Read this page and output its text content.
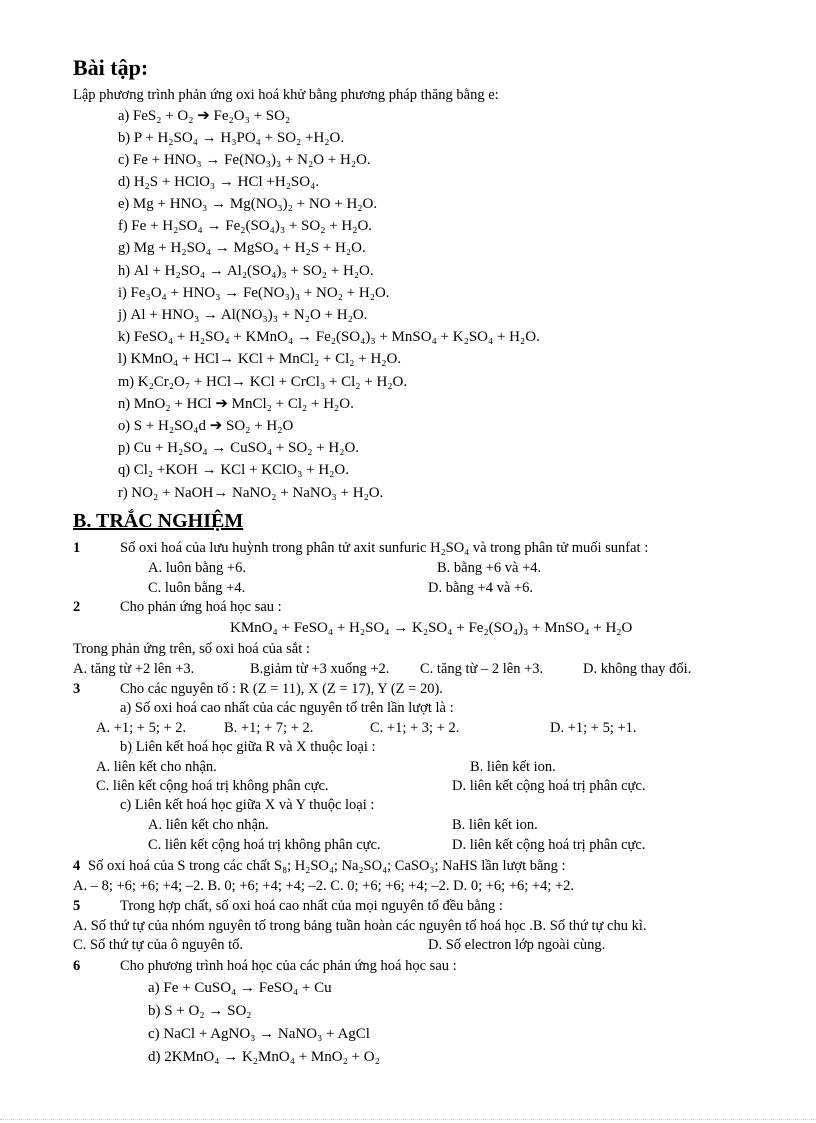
Bài tập:
Lập phương trình phản ứng oxi hoá khử bằng phương pháp thăng bằng e:
a) FeS₂ + O₂ ➔ Fe₂O₃ + SO₂
b) P + H₂SO₄ → H₃PO₄ + SO₂ +H₂O.
c) Fe + HNO₃ → Fe(NO₃)₃ + N₂O + H₂O.
d) H₂S + HClO₃ → HCl +H₂SO₄.
e) Mg + HNO₃ → Mg(NO₃)₂ + NO + H₂O.
f) Fe + H₂SO₄ → Fe₂(SO₄)₃ + SO₂ + H₂O.
g) Mg + H₂SO₄ → MgSO₄ + H₂S + H₂O.
h) Al + H₂SO₄ → Al₂(SO₄)₃ + SO₂ + H₂O.
i) Fe₃O₄ + HNO₃ → Fe(NO₃)₃ + NO₂ + H₂O.
j) Al + HNO₃ → Al(NO₃)₃ + N₂O + H₂O.
k) FeSO₄ + H₂SO₄ + KMnO₄ → Fe₂(SO₄)₃ + MnSO₄ + K₂SO₄ + H₂O.
l) KMnO₄ + HCl→ KCl + MnCl₂ + Cl₂ + H₂O.
m) K₂Cr₂O₇ + HCl→ KCl + CrCl₃ + Cl₂ + H₂O.
n) MnO₂ + HCl ➔ MnCl₂ + Cl₂ + H₂O.
o) S + H₂SO₄d ➔ SO₂ + H₂O
p) Cu + H₂SO₄ → CuSO₄ + SO₂ + H₂O.
q) Cl₂ +KOH → KCl + KClO₃ + H₂O.
r) NO₂ + NaOH→ NaNO₂ + NaNO₃ + H₂O.
B. TRẮC NGHIỆM
1	Số oxi hoá của lưu huỳnh trong phân tử axit sunfuric H₂SO₄ và trong phân tử muối sunfat :
A. luôn bằng +6.	B. bằng +6 và +4.
C. luôn bằng +4.	D. bằng +4 và +6.
2	Cho phản ứng hoá học sau :
KMnO₄ + FeSO₄ + H₂SO₄ → K₂SO₄ + Fe₂(SO₄)₃ + MnSO₄ + H₂O
Trong phản ứng trên, số oxi hoá của sắt :
A. tăng từ +2 lên +3.	B.giảm từ +3 xuống +2. C. tăng từ – 2 lên +3.	D. không thay đổi.
3	Cho các nguyên tố : R (Z = 11), X (Z = 17), Y (Z = 20).
a) Số oxi hoá cao nhất của các nguyên tố trên lần lượt là :
A. +1; + 5; + 2.	B. +1; + 7; + 2.	C. +1; + 3; + 2.	D. +1; + 5; +1.
b) Liên kết hoá học giữa R và X thuộc loại :
A. liên kết cho nhận.	B. liên kết ion.
C. liên kết cộng hoá trị không phân cực.	D. liên kết cộng hoá trị phân cực.
c) Liên kết hoá học giữa X và Y thuộc loại :
A. liên kết cho nhận.	B. liên kết ion.
C. liên kết cộng hoá trị không phân cực.	D. liên kết cộng hoá trị phân cực.
4 Số oxi hoá của S trong các chất S₈; H₂SO₄; Na₂SO₄; CaSO₃; NaHS lần lượt bằng :
A. – 8; +6; +6; +4; –2. B. 0; +6; +4; +4; –2. C. 0; +6; +6; +4; –2. D. 0; +6; +6; +4; +2.
5	Trong hợp chất, số oxi hoá cao nhất của mọi nguyên tố đều bằng :
A. Số thứ tự của nhóm nguyên tố trong bảng tuần hoàn các nguyên tố hoá học .B. Số thứ tự chu kì.
C. Số thứ tự của ô nguyên tố.	D. Số electron lớp ngoài cùng.
6	Cho phương trình hoá học của các phản ứng hoá học sau :
a) Fe + CuSO₄ → FeSO₄ + Cu
b) S + O₂ → SO₂
c) NaCl + AgNO₃ → NaNO₃ + AgCl
d) 2KMnO₄ → K₂MnO₄ + MnO₂ + O₂
